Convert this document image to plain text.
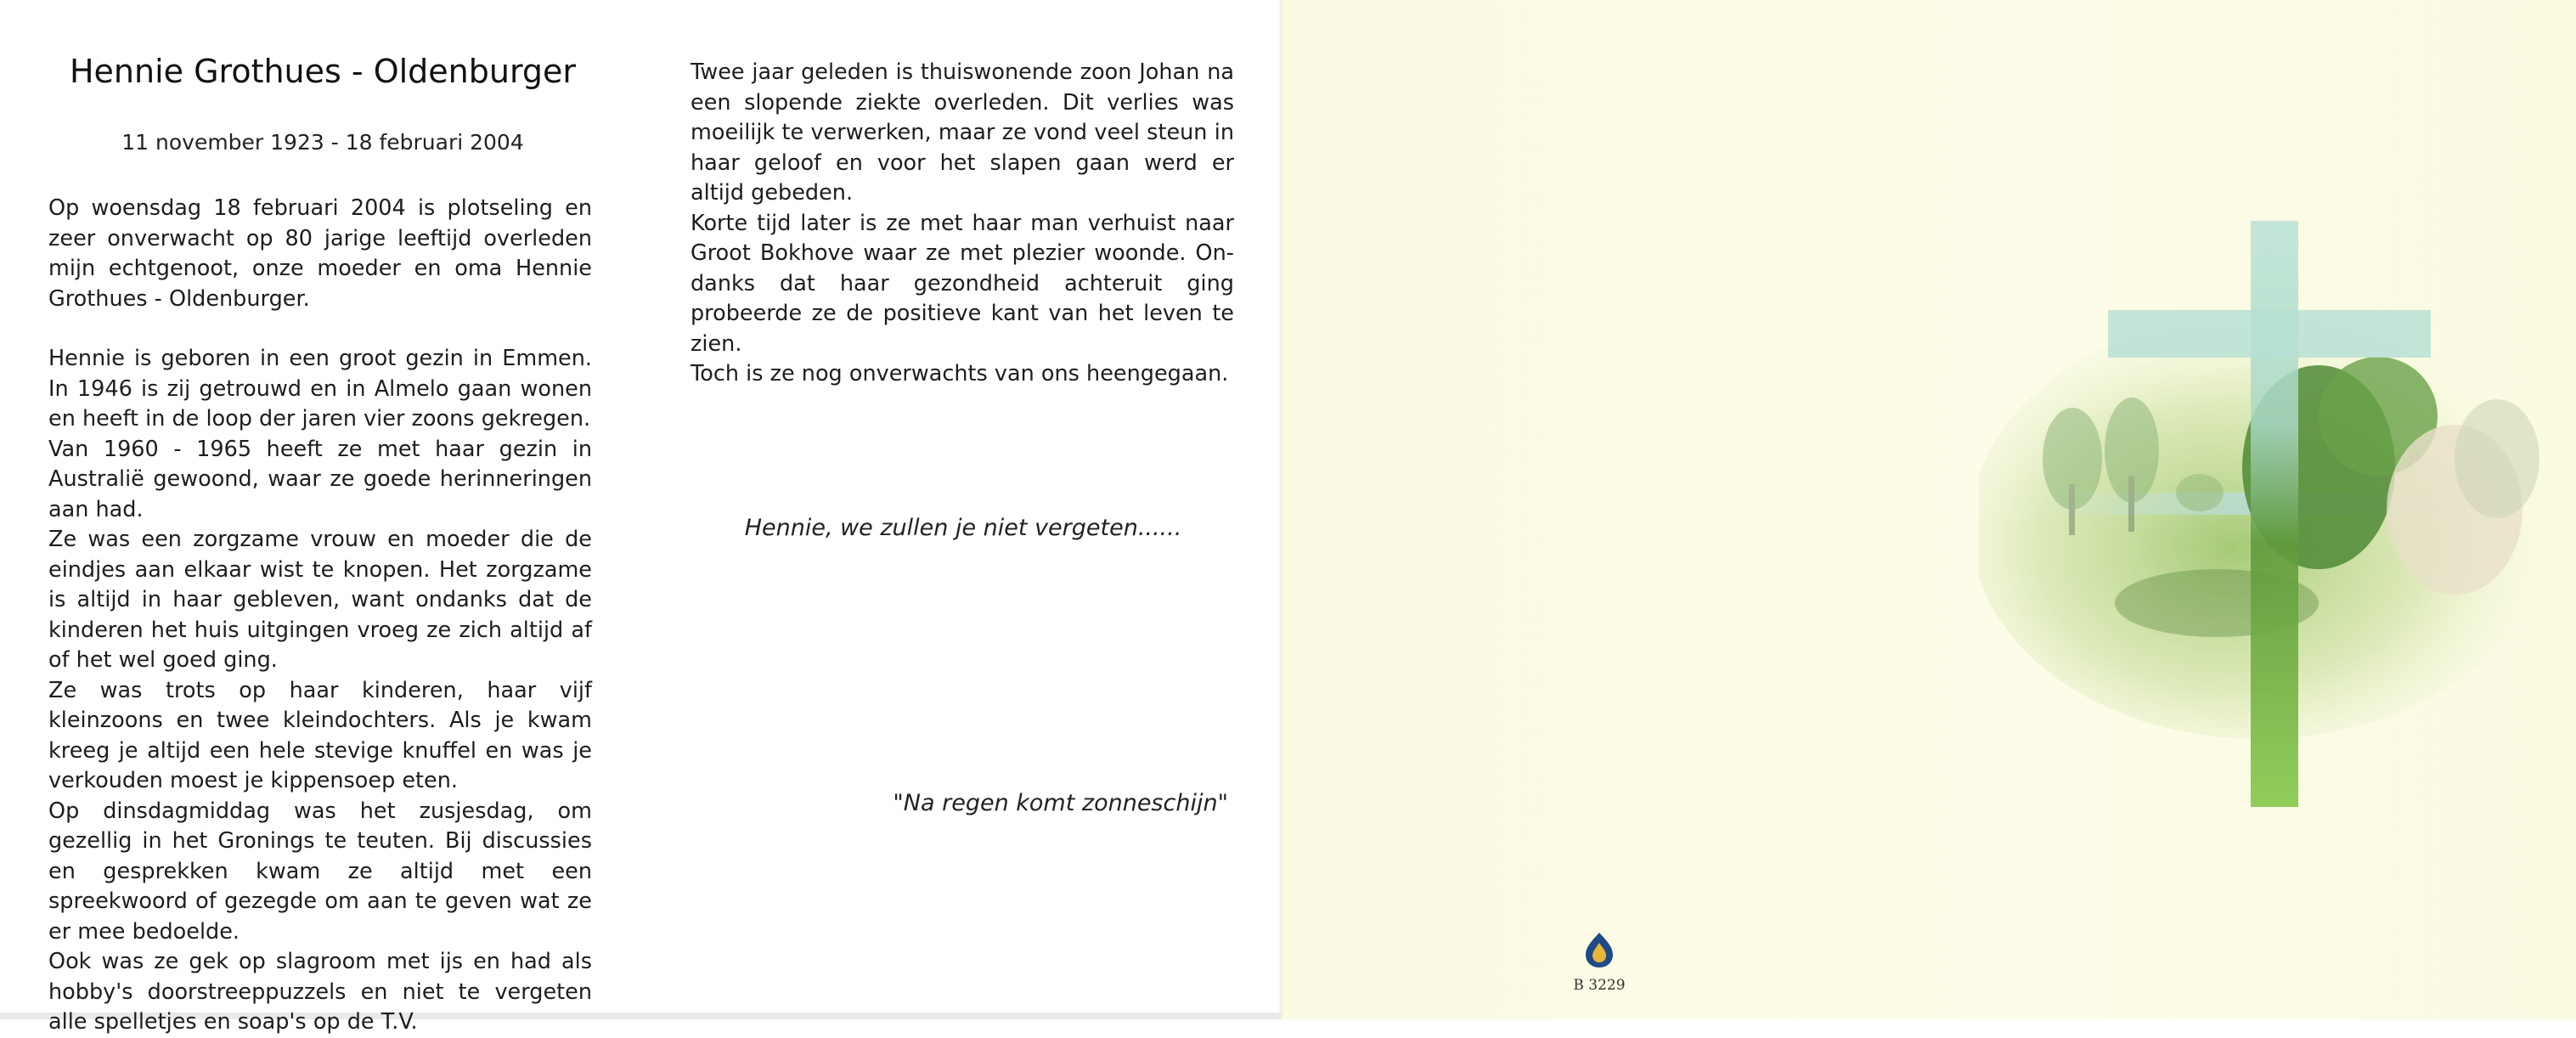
Hennie Grothues - Oldenburger
11 november 1923 - 18 februari 2004

Op woensdag 18 februari 2004 is plotseling en zeer onverwacht op 80 jarige leeftijd overleden mijn echtgenoot, onze moeder en oma Hennie Grothues - Oldenburger.

Hennie is geboren in een groot gezin in Emmen. In 1946 is zij getrouwd en in Almelo gaan wonen en heeft in de loop der jaren vier zoons gekregen.

Van 1960 - 1965 heeft ze met haar gezin in Australië gewoond, waar ze goede herinneringen aan had.

Ze was een zorgzame vrouw en moeder die de eindjes aan elkaar wist te knopen. Het zorgzame is altijd in haar gebleven, want ondanks dat de kinderen het huis uitgingen vroeg ze zich altijd af of het wel goed ging.

Ze was trots op haar kinderen, haar vijf kleinzoons en twee kleindochters. Als je kwam kreeg je altijd een hele stevige knuffel en was je verkouden moest je kippensoep eten.

Op dinsdagmiddag was het zusjesdag, om gezellig in het Gronings te teuten. Bij discussies en gesprekken kwam ze altijd met een spreekwoord of gezegde om aan te geven wat ze er mee bedoelde.

Ook was ze gek op slagroom met ijs en had als hobby's doorstreeppuzzels en niet te vergeten alle spelletjes en soap's op de T.V.

Twee jaar geleden is thuiswonende zoon Johan na een slopende ziekte overleden. Dit verlies was moeilijk te verwerken, maar ze vond veel steun in haar geloof en voor het slapen gaan werd er altijd gebeden.

Korte tijd later is ze met haar man verhuist naar Groot Bokhove waar ze met plezier woonde. Ondanks dat haar gezondheid achteruit ging probeerde ze de positieve kant van het leven te zien.

Toch is ze nog onverwachts van ons heengegaan.

Hennie, we zullen je niet vergeten......
"Na regen komt zonneschijn"
B 3229
